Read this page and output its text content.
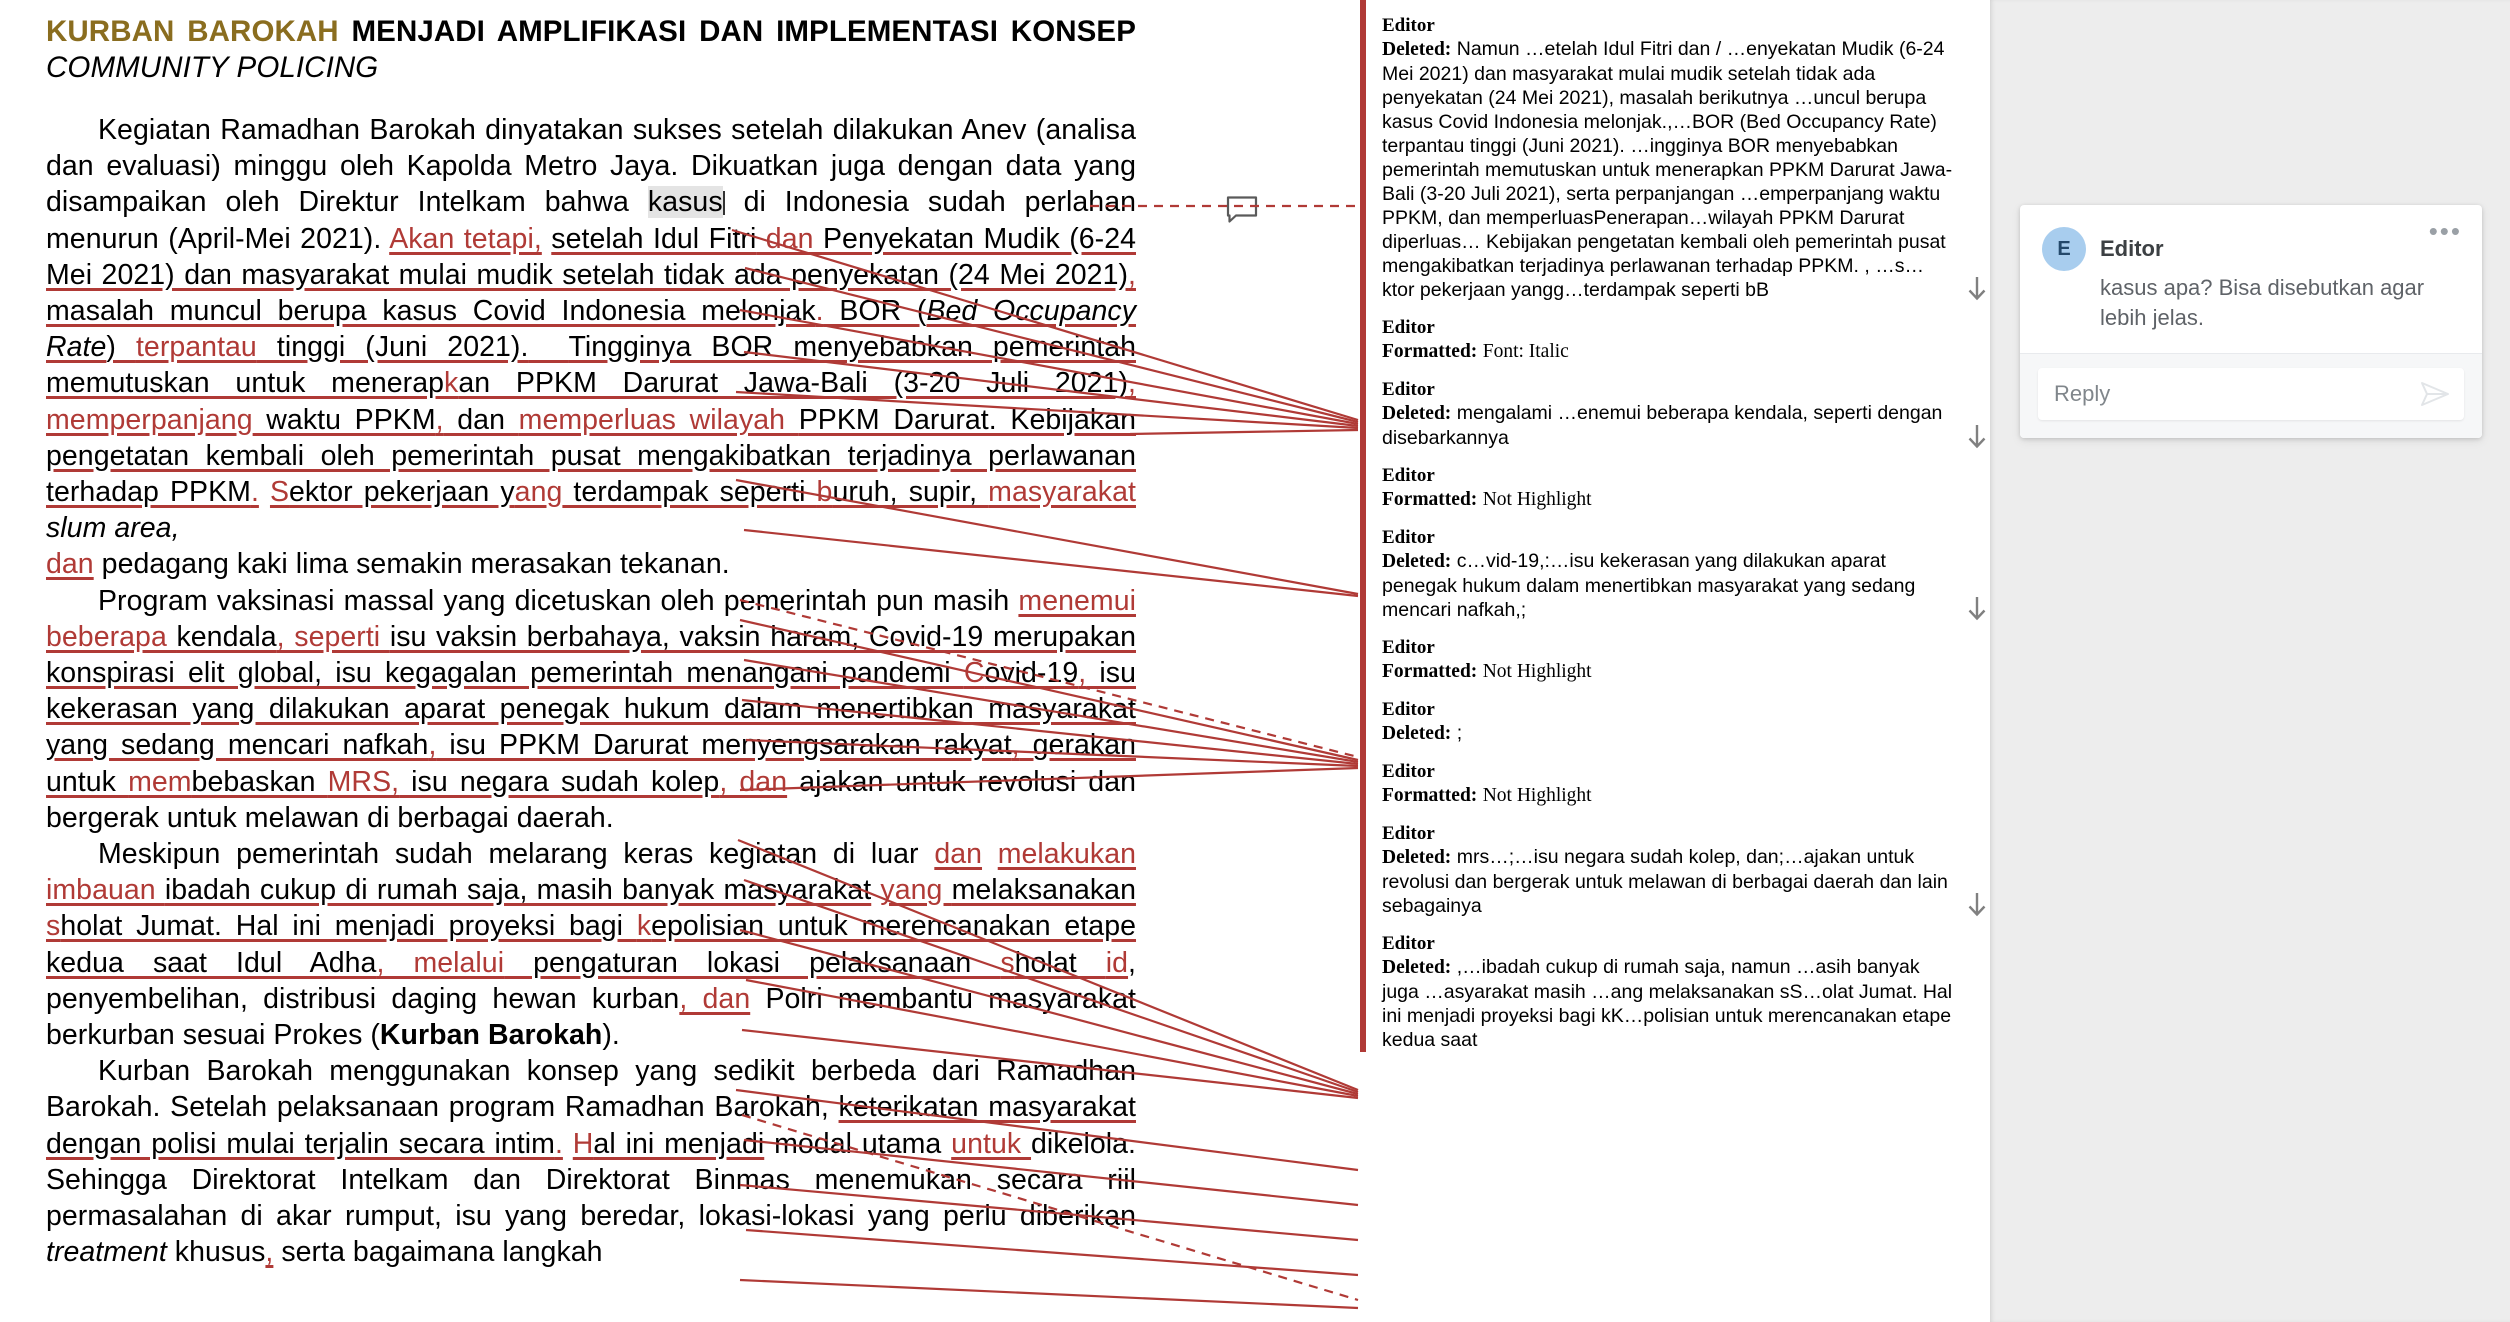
KURBAN BAROKAH MENJADI AMPLIFIKASI DAN IMPLEMENTASI KONSEP COMMUNITY POLICING

Kegiatan Ramadhan Barokah dinyatakan sukses setelah dilakukan Anev (analisa dan evaluasi) minggu oleh Kapolda Metro Jaya. Dikuatkan juga dengan data yang disampaikan oleh Direktur Intelkam bahwa kasus di Indonesia sudah perlahan menurun (April-Mei 2021). Akan tetapi, setelah Idul Fitri dan Penyekatan Mudik (6-24 Mei 2021) dan masyarakat mulai mudik setelah tidak ada penyekatan (24 Mei 2021), masalah muncul berupa kasus Covid Indonesia melonjak. BOR (Bed Occupancy Rate) terpantau tinggi (Juni 2021). Tingginya BOR menyebabkan pemerintah memutuskan untuk menerapkan PPKM Darurat Jawa-Bali (3-20 Juli 2021), memperpanjang waktu PPKM, dan memperluas wilayah PPKM Darurat. Kebijakan pengetatan kembali oleh pemerintah pusat mengakibatkan terjadinya perlawanan terhadap PPKM. Sektor pekerjaan yang terdampak seperti buruh, supir, masyarakat slum area,
dan pedagang kaki lima semakin merasakan tekanan.

Program vaksinasi massal yang dicetuskan oleh pemerintah pun masih menemui beberapa kendala, seperti isu vaksin berbahaya, vaksin haram, Covid-19 merupakan konspirasi elit global, isu kegagalan pemerintah menangani pandemi Covid-19, isu kekerasan yang dilakukan aparat penegak hukum dalam menertibkan masyarakat yang sedang mencari nafkah, isu PPKM Darurat menyengsarakan rakyat, gerakan untuk membebaskan MRS, isu negara sudah kolep, dan ajakan untuk revolusi dan bergerak untuk melawan di berbagai daerah.

Meskipun pemerintah sudah melarang keras kegiatan di luar dan melakukan imbauan ibadah cukup di rumah saja, masih banyak masyarakat yang melaksanakan sholat Jumat. Hal ini menjadi proyeksi bagi kepolisian untuk merencanakan etape kedua saat Idul Adha, melalui pengaturan lokasi pelaksanaan sholat id, penyembelihan, distribusi daging hewan kurban, dan Polri membantu masyarakat berkurban sesuai Prokes (Kurban Barokah).

Kurban Barokah menggunakan konsep yang sedikit berbeda dari Ramadhan Barokah. Setelah pelaksanaan program Ramadhan Barokah, keterikatan masyarakat dengan polisi mulai terjalin secara intim. Hal ini menjadi modal utama untuk dikelola. Sehingga Direktorat Intelkam dan Direktorat Binmas menemukan secara riil permasalahan di akar rumput, isu yang beredar, lokasi-lokasi yang perlu diberikan treatment khusus, serta bagaimana langkah

Editor
Deleted: Namun …etelah Idul Fitri dan / …enyekatan Mudik (6-24 Mei 2021) dan masyarakat mulai mudik setelah tidak ada penyekatan (24 Mei 2021), masalah berikutnya …uncul berupa kasus Covid Indonesia melonjak.,…BOR (Bed Occupancy Rate) terpantau tinggi (Juni 2021). …ingginya BOR menyebabkan pemerintah memutuskan untuk menerapkan PPKM Darurat Jawa-Bali (3-20 Juli 2021), serta perpanjangan …emperpanjang waktu PPKM, dan memperluasPenerapan…wilayah PPKM Darurat diperluas… Kebijakan pengetatan kembali oleh pemerintah pusat mengakibatkan terjadinya perlawanan terhadap PPKM. , …s…ktor pekerjaan yangg…terdampak seperti bB
Editor
Formatted: Font: Italic
Editor
Deleted: mengalami …enemui beberapa kendala, seperti dengan disebarkannya
Editor
Formatted: Not Highlight
Editor
Deleted: c…vid-19,:…isu kekerasan yang dilakukan aparat penegak hukum dalam menertibkan masyarakat yang sedang mencari nafkah,;
Editor
Formatted: Not Highlight
Editor
Deleted: ;
Editor
Formatted: Not Highlight
Editor
Deleted: mrs…;…isu negara sudah kolep, dan;…ajakan untuk revolusi dan bergerak untuk melawan di berbagai daerah dan lain sebagainya
Editor
Deleted: ,…ibadah cukup di rumah saja, namun …asih banyak juga …asyarakat masih …ang melaksanakan sS…olat Jumat. Hal ini menjadi proyeksi bagi kK…polisian untuk merencanakan etape kedua saat
•••
E	Editor
kasus apa? Bisa disebutkan agar lebih jelas.
Reply
